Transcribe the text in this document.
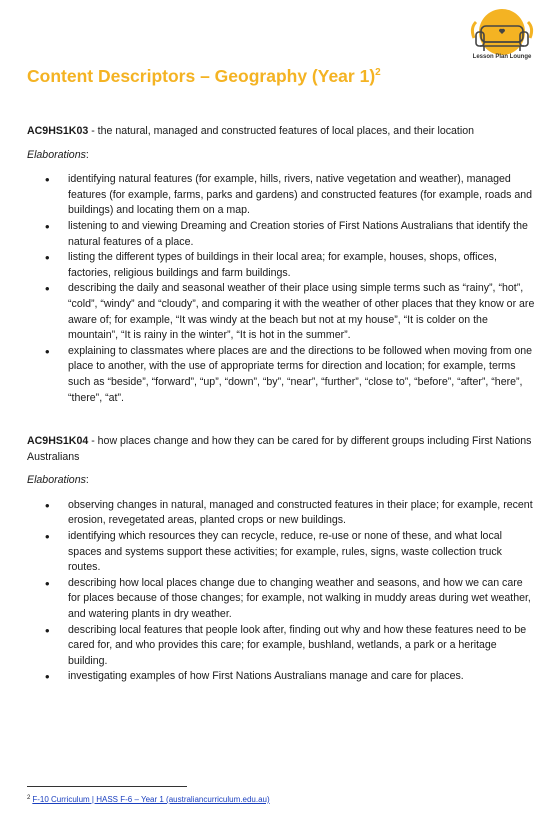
Lesson Plan Lounge
Content Descriptors – Geography (Year 1)$^2$

AC9HS1K03 - the natural, managed and constructed features of local places, and their location

Elaborations:

• identifying natural features (for example, hills, rivers, native vegetation and weather), managed features (for example, farms, parks and gardens) and constructed features (for example, roads and buildings) and locating them on a map.
• listening to and viewing Dreaming and Creation stories of First Nations Australians that identify the natural features of a place.
• listing the different types of buildings in their local area; for example, houses, shops, offices, factories, religious buildings and farm buildings.
• describing the daily and seasonal weather of their place using simple terms such as “rainy”, “hot”, “cold”, “windy” and “cloudy”, and comparing it with the weather of other places that they know or are aware of; for example, “It was windy at the beach but not at my house”, “It is colder on the mountain”, “It is rainy in the winter”, “It is hot in the summer”.
• explaining to classmates where places are and the directions to be followed when moving from one place to another, with the use of appropriate terms for direction and location; for example, terms such as “beside”, “forward”, “up”, “down”, “by”, “near”, “further”, “close to”, “before”, “after”, “here”, “there”, “at”.

AC9HS1K04 - how places change and how they can be cared for by different groups including First Nations Australians

Elaborations:

• observing changes in natural, managed and constructed features in their place; for example, recent erosion, revegetated areas, planted crops or new buildings.
• identifying which resources they can recycle, reduce, re-use or none of these, and what local spaces and systems support these activities; for example, rules, signs, waste collection truck routes.
• describing how local places change due to changing weather and seasons, and how we can care for places because of those changes; for example, not walking in muddy areas during wet weather, and watering plants in dry weather.
• describing local features that people look after, finding out why and how these features need to be cared for, and who provides this care; for example, bushland, wetlands, a park or a heritage building.
• investigating examples of how First Nations Australians manage and care for places.
$^2$ F-10 Curriculum | HASS F-6 – Year 1 (australiancurriculum.edu.au)
